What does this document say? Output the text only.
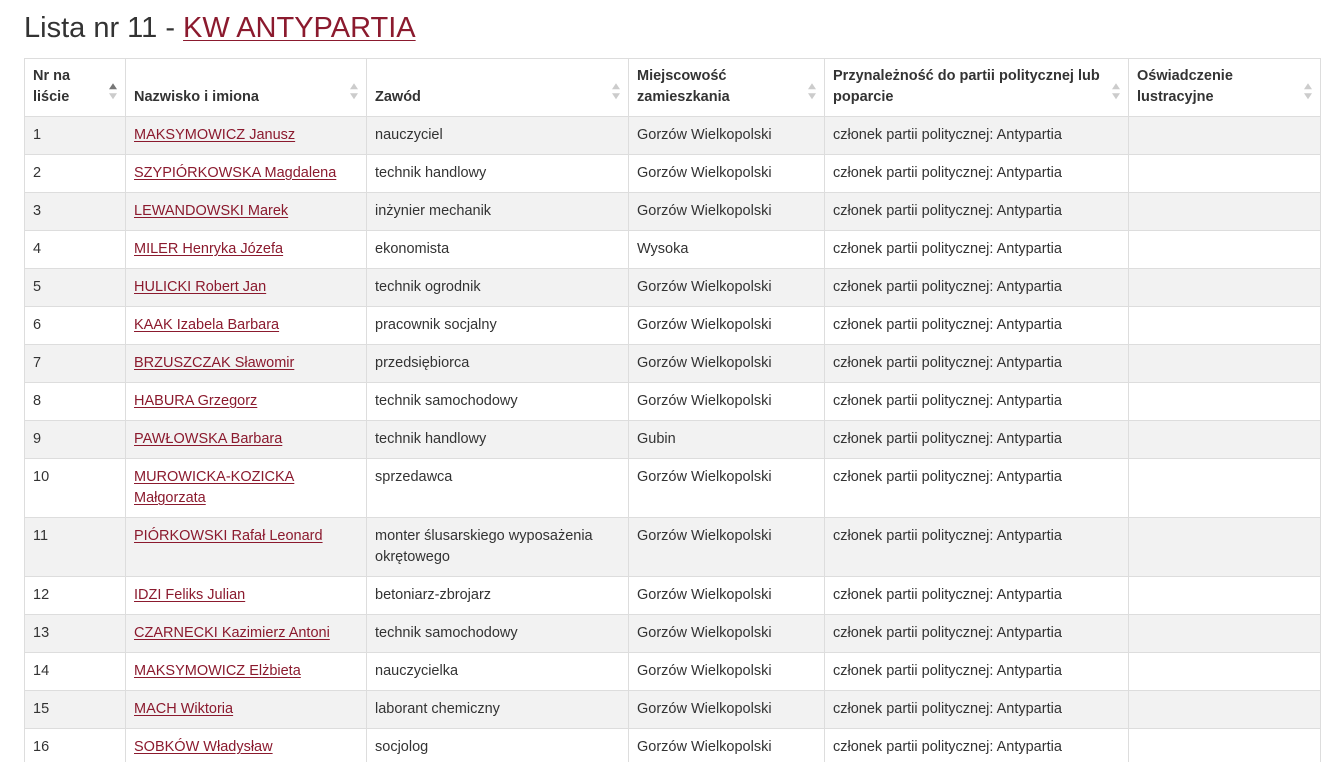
Lista nr 11 - KW ANTYPARTIA
Nr na liście	Nazwisko i imiona	Zawód	Miejscowość zamieszkania	Przynależność do partii politycznej lub poparcie	Oświadczenie lustracyjne

1	MAKSYMOWICZ Janusz	nauczyciel	Gorzów Wielkopolski	członek partii politycznej: Antypartia	
2	SZYPIÓRKOWSKA Magdalena	technik handlowy	Gorzów Wielkopolski	członek partii politycznej: Antypartia	
3	LEWANDOWSKI Marek	inżynier mechanik	Gorzów Wielkopolski	członek partii politycznej: Antypartia	
4	MILER Henryka Józefa	ekonomista	Wysoka	członek partii politycznej: Antypartia	
5	HULICKI Robert Jan	technik ogrodnik	Gorzów Wielkopolski	członek partii politycznej: Antypartia	
6	KAAK Izabela Barbara	pracownik socjalny	Gorzów Wielkopolski	członek partii politycznej: Antypartia	
7	BRZUSZCZAK Sławomir	przedsiębiorca	Gorzów Wielkopolski	członek partii politycznej: Antypartia	
8	HABURA Grzegorz	technik samochodowy	Gorzów Wielkopolski	członek partii politycznej: Antypartia	
9	PAWŁOWSKA Barbara	technik handlowy	Gubin	członek partii politycznej: Antypartia	
10	MUROWICKA-KOZICKA Małgorzata	sprzedawca	Gorzów Wielkopolski	członek partii politycznej: Antypartia	
11	PIÓRKOWSKI Rafał Leonard	monter ślusarskiego wyposażenia okrętowego	Gorzów Wielkopolski	członek partii politycznej: Antypartia	
12	IDZI Feliks Julian	betoniarz-zbrojarz	Gorzów Wielkopolski	członek partii politycznej: Antypartia	
13	CZARNECKI Kazimierz Antoni	technik samochodowy	Gorzów Wielkopolski	członek partii politycznej: Antypartia	
14	MAKSYMOWICZ Elżbieta	nauczycielka	Gorzów Wielkopolski	członek partii politycznej: Antypartia	
15	MACH Wiktoria	laborant chemiczny	Gorzów Wielkopolski	członek partii politycznej: Antypartia	
16	SOBKÓW Władysław	socjolog	Gorzów Wielkopolski	członek partii politycznej: Antypartia	
